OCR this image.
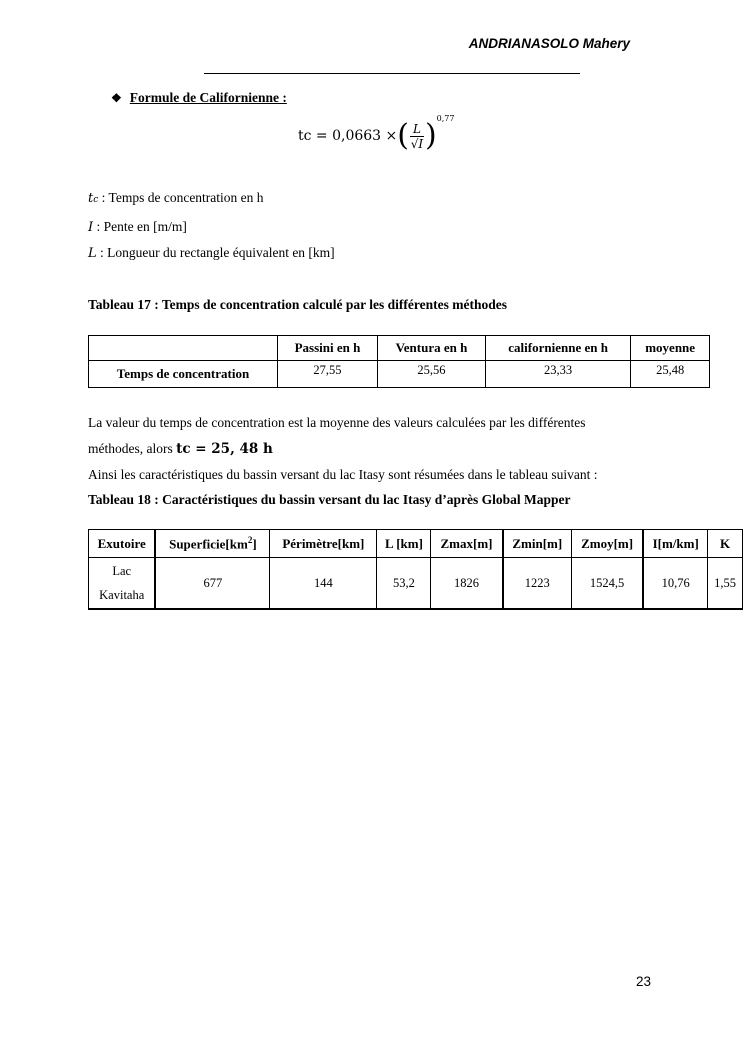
ANDRIANASOLO Mahery
❖ Formule de Californienne :
tc = 0,0663 × ( $\frac{L}{√I}$ ) 0,77
tc : Temps de concentration en h
I : Pente en [m/m]
L : Longueur du rectangle équivalent en [km]
Tableau 17 : Temps de concentration calculé par les différentes méthodes
	Passini en h	Ventura en h	californienne en h	moyenne
Temps de concentration	27,55	25,56	23,33	25,48
La valeur du temps de concentration est la moyenne des valeurs calculées par les différentes
méthodes, alors tc = 25, 48 h
Ainsi les caractéristiques du bassin versant du lac Itasy sont résumées dans le tableau suivant :
Tableau 18 : Caractéristiques du bassin versant du lac Itasy d’après Global Mapper
Exutoire	$Superficie[km^2]$	Périmètre[km]	L [km]	Zmax[m]	Zmin[m]	Zmoy[m]	I[m/km]	K

Lac
Kavitaha	677	144	53,2	1826	1223	1524,5	10,76	1,55
23
